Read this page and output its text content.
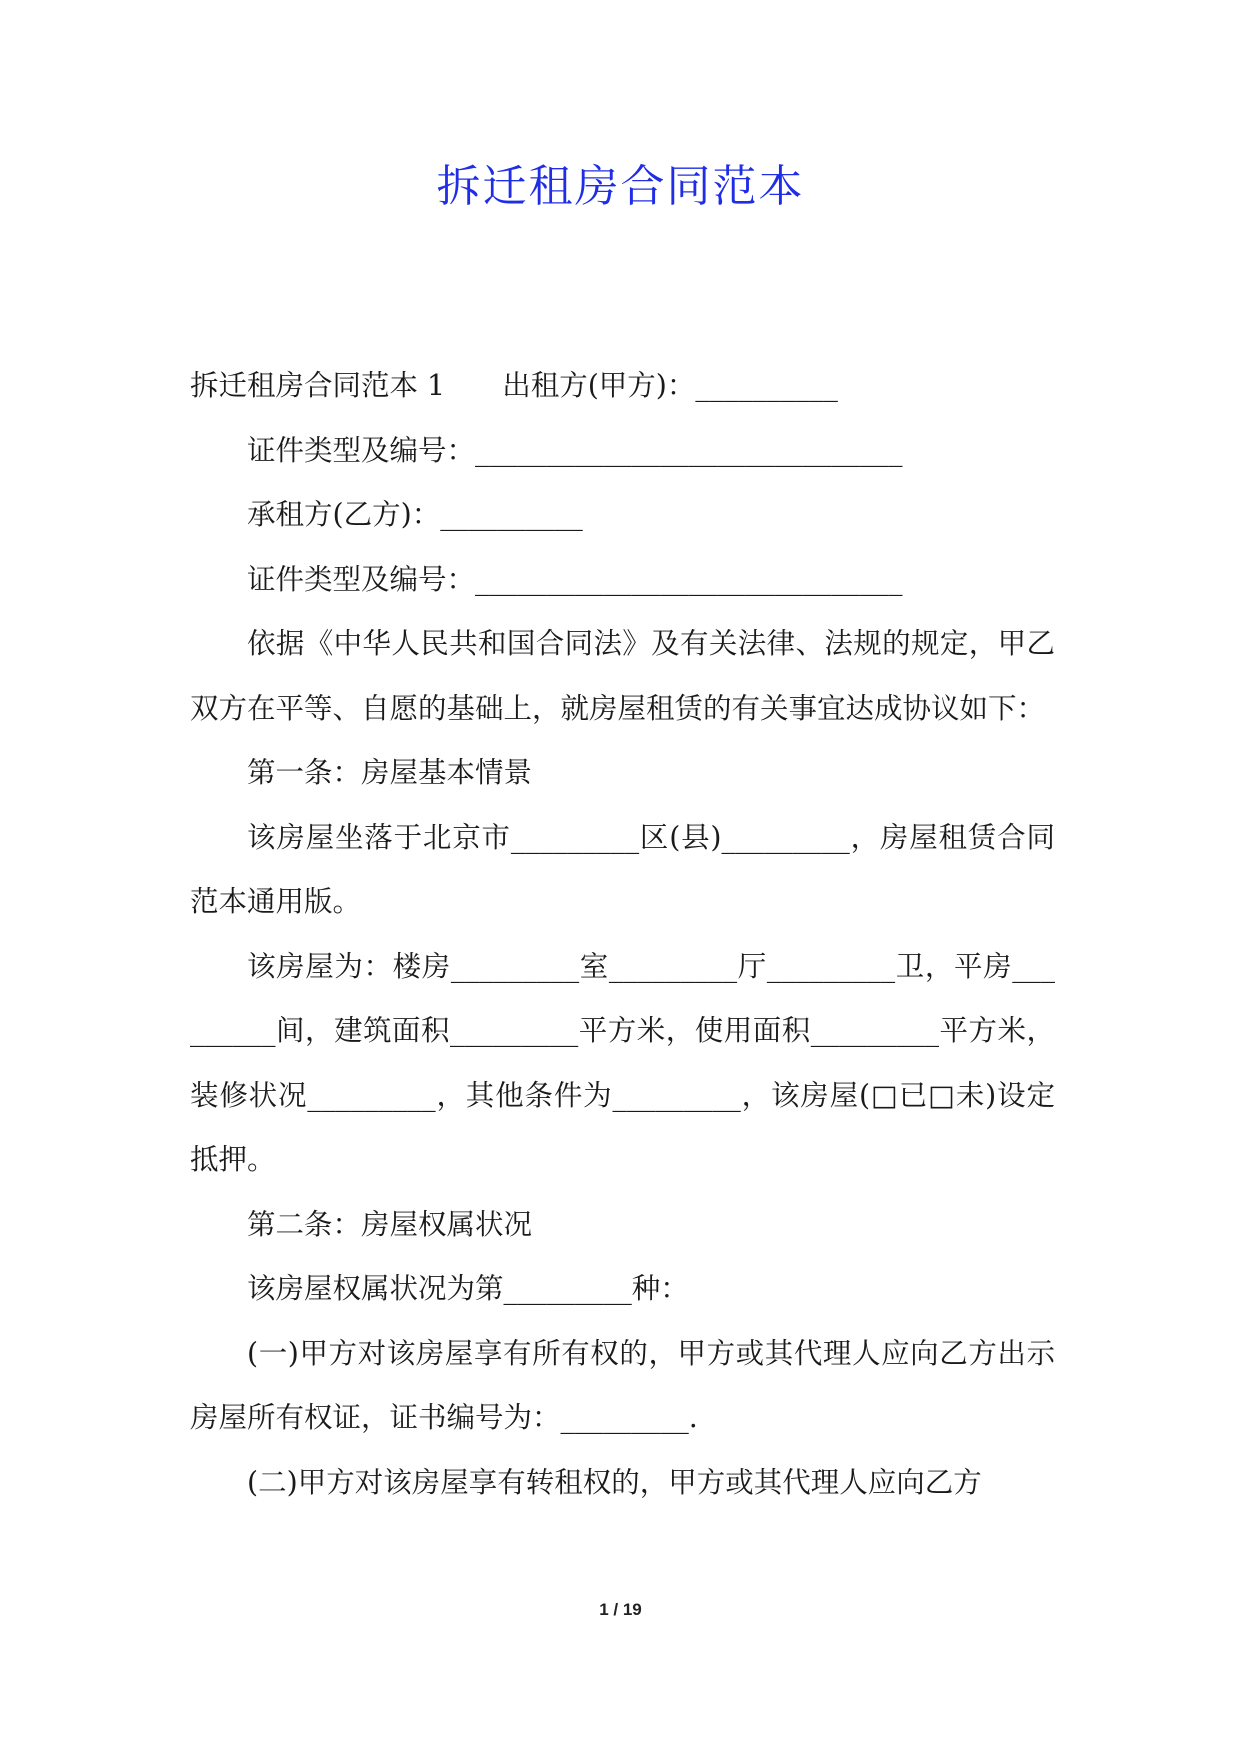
拆迁租房合同范本

拆迁租房合同范本 1　　出租方(甲方)：__________

证件类型及编号：______________________________

承租方(乙方)：__________

证件类型及编号：______________________________

依据《中华人民共和国合同法》及有关法律、法规的规定，甲乙双方在平等、自愿的基础上，就房屋租赁的有关事宜达成协议如下：

第一条：房屋基本情景

该房屋坐落于北京市_________区(县)_________，房屋租赁合同范本通用版。

该房屋为：楼房_________室_________厅_________卫，平房_________间，建筑面积_________平方米，使用面积_________平方米，装修状况_________，其他条件为_________，该房屋(□已□未)设定抵押。

第二条：房屋权属状况

该房屋权属状况为第_________种：

(一)甲方对该房屋享有所有权的，甲方或其代理人应向乙方出示房屋所有权证，证书编号为：_________.

(二)甲方对该房屋享有转租权的，甲方或其代理人应向乙方

1 / 19
